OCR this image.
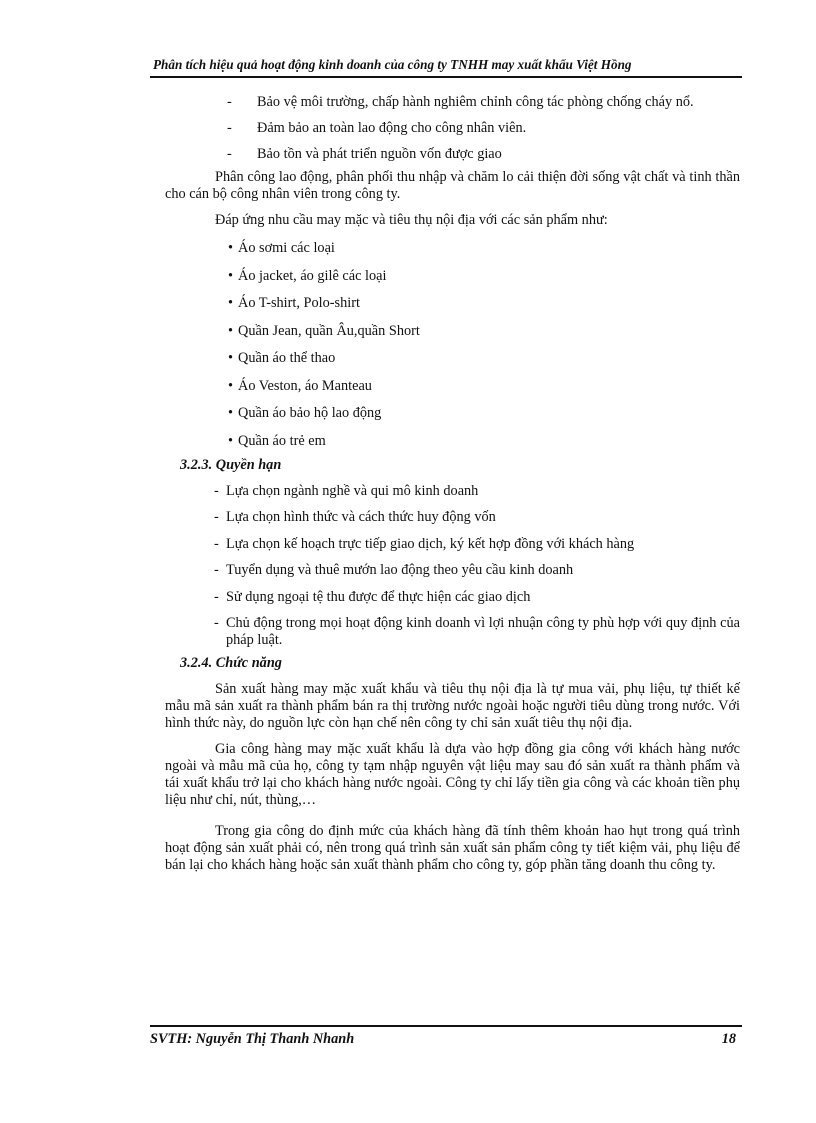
Phân tích hiệu quả hoạt động kinh doanh của công ty TNHH may xuất khẩu Việt Hồng
-	Bảo vệ môi trường, chấp hành nghiêm chỉnh công tác phòng chống cháy nổ.
-	Đảm bảo an toàn lao động cho công nhân viên.
-	Bảo tồn và phát triển nguồn vốn được giao

Phân công lao động, phân phối thu nhập và chăm lo cải thiện đời sống vật chất và tinh thần cho cán bộ công nhân viên trong công ty.

Đáp ứng nhu cầu may mặc và tiêu thụ nội địa với các sản phẩm như:

• Áo sơmi các loại
• Áo jacket, áo gilê các loại
• Áo T-shirt, Polo-shirt
• Quần Jean, quần Âu,quần Short
• Quần áo thể thao
• Áo Veston, áo Manteau
• Quần áo bảo hộ lao động
• Quần áo trẻ em
3.2.3. Quyền hạn
- Lựa chọn ngành nghề và qui mô kinh doanh
- Lựa chọn hình thức và cách thức huy động vốn
- Lựa chọn kế hoạch trực tiếp giao dịch, ký kết hợp đồng với khách hàng
- Tuyển dụng và thuê mướn lao động theo yêu cầu kinh doanh
- Sử dụng ngoại tệ thu được để thực hiện các giao dịch
- Chủ động trong mọi hoạt động kinh doanh vì lợi nhuận công ty phù hợp với quy định của pháp luật.
3.2.4. Chức năng

Sản xuất hàng may mặc xuất khẩu và tiêu thụ nội địa là tự mua vải, phụ liệu, tự thiết kế mẫu mã sản xuất ra thành phẩm bán ra thị trường nước ngoài hoặc người tiêu dùng trong nước. Với hình thức này, do nguồn lực còn hạn chế nên công ty chỉ sản xuất tiêu thụ nội địa.

Gia công hàng may mặc xuất khẩu là dựa vào hợp đồng gia công với khách hàng nước ngoài và mẫu mã của họ, công ty tạm nhập nguyên vật liệu may sau đó sản xuất ra thành phẩm và tái xuất khẩu trở lại cho khách hàng nước ngoài. Công ty chỉ lấy tiền gia công và các khoản tiền phụ liệu như chỉ, nút, thùng,…

Trong gia công do định mức của khách hàng đã tính thêm khoản hao hụt trong quá trình hoạt động sản xuất phải có, nên trong quá trình sản xuất sản phẩm công ty tiết kiệm vải, phụ liệu để bán lại cho khách hàng hoặc sản xuất thành phẩm cho công ty, góp phần tăng doanh thu công ty.

SVTH: Nguyễn Thị Thanh Nhanh	18
